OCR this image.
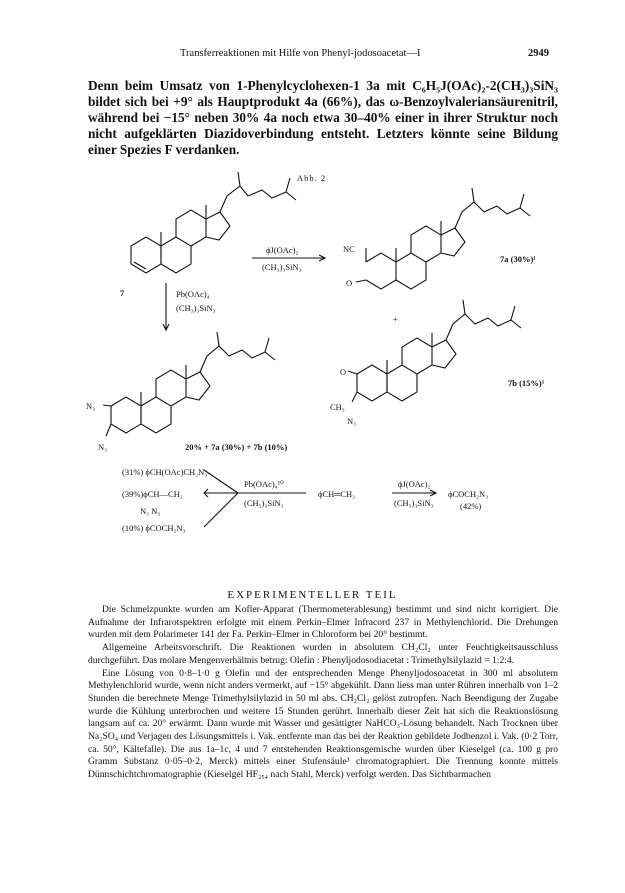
Transferreaktionen mit Hilfe von Phenyl-jodosoacetat—I	2949
Denn beim Umsatz von 1-Phenylcyclohexen-1 3a mit C₆H₅J(OAc)₂-2(CH₃)₃SiN₃ bildet sich bei +9° als Hauptprodukt 4a (66%), das ω-Benzoylvaleriansäurenitril, während bei −15° neben 30% 4a noch etwa 30–40% einer in ihrer Struktur noch nicht aufgeklärten Diazidoverbindung entsteht. Letzters könnte seine Bildung einer Spezies F verdanken.
Abb. 2
7
ϕJ(OAc)₂
(CH₃)₃SiN₃
NC
O
7a (30%)¹
+
Pb(OAc)₄
(CH₃)₃SiN₃
O
CH₃
N₃
7b (15%)¹
N₃
N₃	20% + 7a (30%) + 7b (10%)
(31%) ϕCH(OAc)CH₂N₃
(39%)ϕCH—CH₂
N₃ N₃
(10%) ϕCOCH₂N₃
Pb(OAc)₄¹⁰
(CH₃)₃SiN₃
ϕCH═CH₂
ϕJ(OAc)₂
(CH₃)₃SiN₃
ϕCOCH₂N₃
(42%)
EXPERIMENTELLER TEIL

Die Schmelzpunkte wurden am Kofler-Apparat (Thermometerablesung) bestimmt und sind nicht korrigiert. Die Aufnahme der Infrarotspektren erfolgte mit einem Perkin–Elmer Infracord 237 in Methylenchlorid. Die Drehungen wurden mit dem Polarimeter 141 der Fa. Perkin–Elmer in Chloroform bei 20° bestimmt.

Allgemeine Arbeitsvorschrift. Die Reaktionen wurden in absolutem CH₂Cl₂ unter Feuchtigkeitsausschluss durchgeführt. Das molare Mengenverhältnis betrug: Olefin : Phenyljodosodiacetat : Trimethylsilylazid = 1:2:4.

Eine Lösung von 0·8–1·0 g Olefin und der entsprechenden Menge Phenyljodosoacetat in 300 ml absolutem Methylenchlorid wurde, wenn nicht anders vermerkt, auf −15° abgekühlt. Dann liess man unter Rühren innerhalb von 1–2 Stunden die berechnete Menge Trimethylsilylazid in 50 ml abs. CH₂Cl₂ gelöst zutropfen. Nach Beendigung der Zugabe wurde die Kühlung unterbrochen und weitere 15 Stunden gerührt. Innerhalb dieser Zeit hat sich die Reaktionslösung langsam auf ca. 20° erwärmt. Dann wurde mit Wasser und gesättigter NaHCO₃-Lösung behandelt. Nach Trocknen über Na₂SO₄ und Verjagen des Lösungsmittels i. Vak. entfernte man das bei der Reaktion gebildete Jodbenzol i. Vak. (0·2 Torr, ca. 50°, Kältefalle). Die aus 1a–1c, 4 und 7 entstehenden Reaktionsgemische wurden über Kieselgel (ca. 100 g pro Gramm Substanz 0·05–0·2, Merck) mittels einer Stufensäule³ chromatographiert. Die Trennung konnte mittels Dünnschichtchromatographie (Kieselgel HF₂₅₄ nach Stahl, Merck) verfolgt werden. Das Sichtbarmachen
